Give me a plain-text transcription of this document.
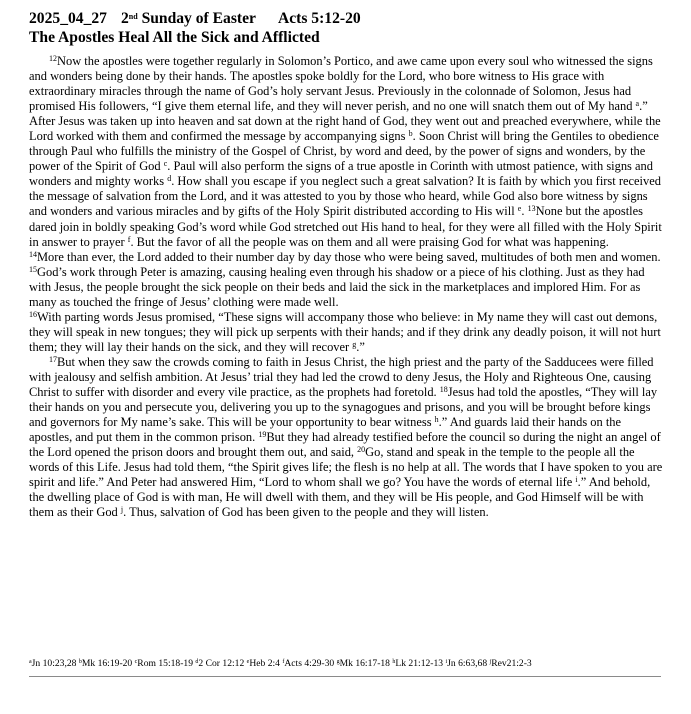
2025_04_27 2nd Sunday of Easter Acts 5:12-20
The Apostles Heal All the Sick and Afflicted

$^{12}$Now the apostles were together regularly in Solomon’s Portico, and awe came upon every soul who witnessed the signs and wonders being done by their hands. The apostles spoke boldly for the Lord, who bore witness to His grace with extraordinary miracles through the name of God’s holy servant Jesus. Previously in the colonnade of Solomon, Jesus had promised His followers, “I give them eternal life, and they will never perish, and no one will snatch them out of My hand $^a$.” After Jesus was taken up into heaven and sat down at the right hand of God, they went out and preached everywhere, while the Lord worked with them and confirmed the message by accompanying signs $^b$. Soon Christ will bring the Gentiles to obedience through Paul who fulfills the ministry of the Gospel of Christ, by word and deed, by the power of signs and wonders, by the power of the Spirit of God $^c$. Paul will also perform the signs of a true apostle in Corinth with utmost patience, with signs and wonders and mighty works $^d$. How shall you escape if you neglect such a great salvation? It is faith by which you first received the message of salvation from the Lord, and it was attested to you by those who heard, while God also bore witness by signs and wonders and various miracles and by gifts of the Holy Spirit distributed according to His will $^e$. $^{13}$None but the apostles dared join in boldly speaking God’s word while God stretched out His hand to heal, for they were all filled with the Holy Spirit in answer to prayer $^f$. But the favor of all the people was on them and all were praising God for what was happening.

$^{14}$More than ever, the Lord added to their number day by day those who were being saved, multitudes of both men and women. $^{15}$God’s work through Peter is amazing, causing healing even through his shadow or a piece of his clothing. Just as they had with Jesus, the people brought the sick people on their beds and laid the sick in the marketplaces and implored Him. For as many as touched the fringe of Jesus’ clothing were made well.

$^{16}$With parting words Jesus promised, “These signs will accompany those who believe: in My name they will cast out demons, they will speak in new tongues; they will pick up serpents with their hands; and if they drink any deadly poison, it will not hurt them; they will lay their hands on the sick, and they will recover $^g$.”

$^{17}$But when they saw the crowds coming to faith in Jesus Christ, the high priest and the party of the Sadducees were filled with jealousy and selfish ambition. At Jesus’ trial they had led the crowd to deny Jesus, the Holy and Righteous One, causing Christ to suffer with disorder and every vile practice, as the prophets had foretold. $^{18}$Jesus had told the apostles, “They will lay their hands on you and persecute you, delivering you up to the synagogues and prisons, and you will be brought before kings and governors for My name’s sake. This will be your opportunity to bear witness $^h$.” And guards laid their hands on the apostles, and put them in the common prison. $^{19}$But they had already testified before the council so during the night an angel of the Lord opened the prison doors and brought them out, and said, $^{20}$Go, stand and speak in the temple to the people all the words of this Life. Jesus had told them, “the Spirit gives life; the flesh is no help at all. The words that I have spoken to you are spirit and life.” And Peter had answered Him, “Lord to whom shall we go? You have the words of eternal life $^i$.” And behold, the dwelling place of God is with man, He will dwell with them, and they will be His people, and God Himself will be with them as their God $^j$. Thus, salvation of God has been given to the people and they will listen.

$^a$Jn 10:23,28 $^b$Mk 16:19-20 $^c$Rom 15:18-19 $^d$2 Cor 12:12 $^e$Heb 2:4 $^f$Acts 4:29-30 $^g$Mk 16:17-18 $^h$Lk 21:12-13 $^i$Jn 6:63,68 $^j$Rev21:2-3
